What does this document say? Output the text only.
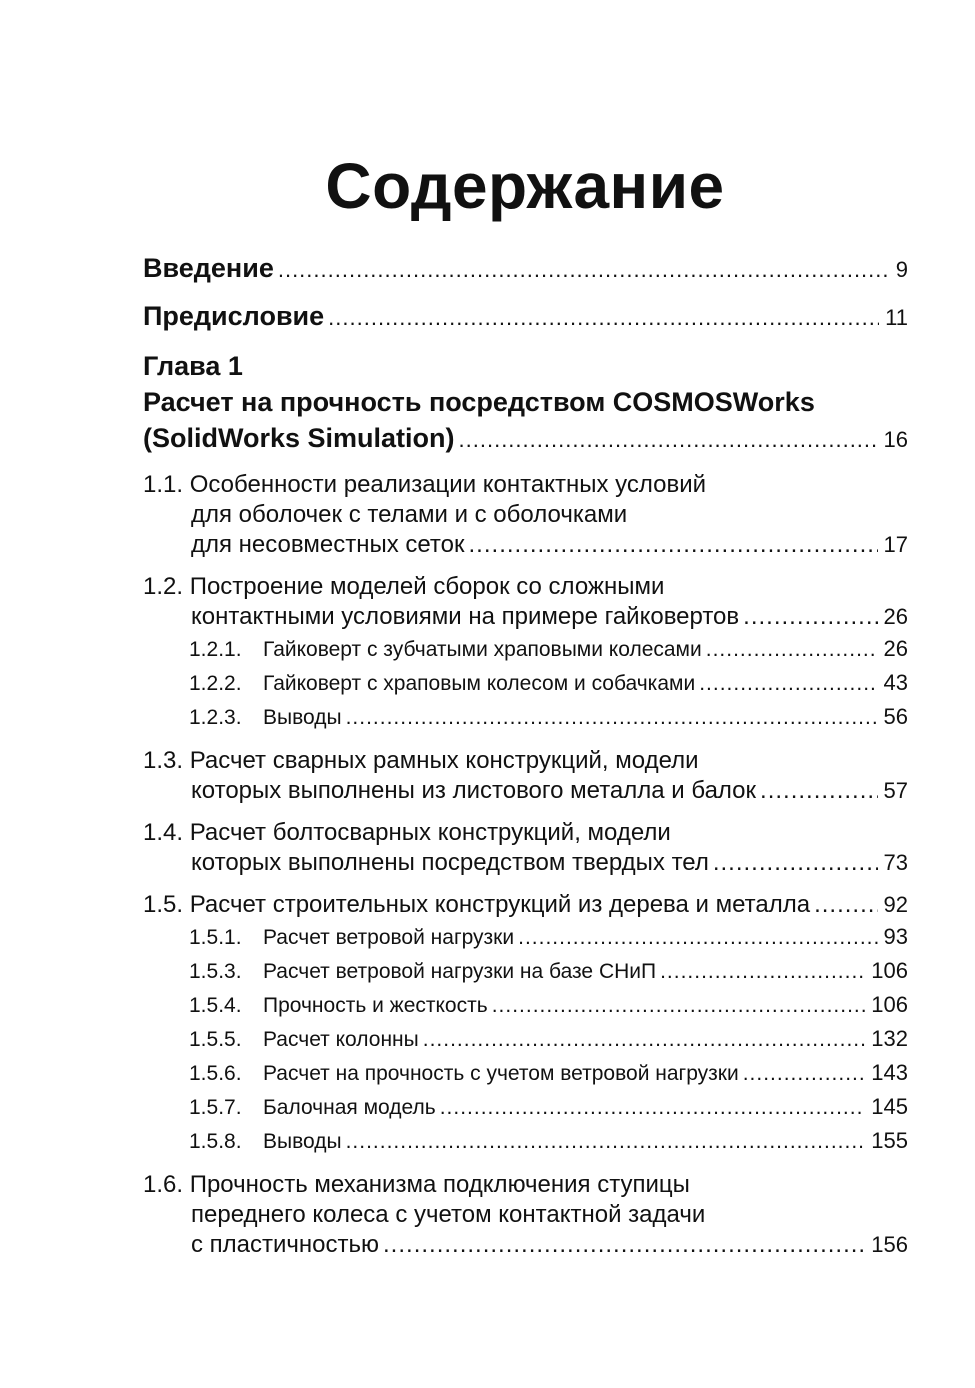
Содержание
Введение .....	9
Предисловие .....	11
Глава 1
Расчет на прочность посредством COSMOSWorks
(SolidWorks Simulation) .....	16
1.1. Особенности реализации контактных условий
для оболочек с телами и с оболочками
для несовместных сеток .....	17
1.2. Построение моделей сборок со сложными
контактными условиями на примере гайковертов .....	26
1.2.1. Гайковерт с зубчатыми храповыми колесами .....	26
1.2.2. Гайковерт с храповым колесом и собачками .....	43
1.2.3. Выводы .....	56
1.3. Расчет сварных рамных конструкций, модели
которых выполнены из листового металла и балок .....	57
1.4. Расчет болтосварных конструкций, модели
которых выполнены посредством твердых тел .....	73
1.5. Расчет строительных конструкций из дерева и металла .....	92
1.5.1. Расчет ветровой нагрузки .....	93
1.5.3. Расчет ветровой нагрузки на базе СНиП .....	106
1.5.4. Прочность и жесткость .....	106
1.5.5. Расчет колонны .....	132
1.5.6. Расчет на прочность с учетом ветровой нагрузки .....	143
1.5.7. Балочная модель .....	145
1.5.8. Выводы .....	155
1.6. Прочность механизма подключения ступицы
переднего колеса с учетом контактной задачи
с пластичностью .....	156
